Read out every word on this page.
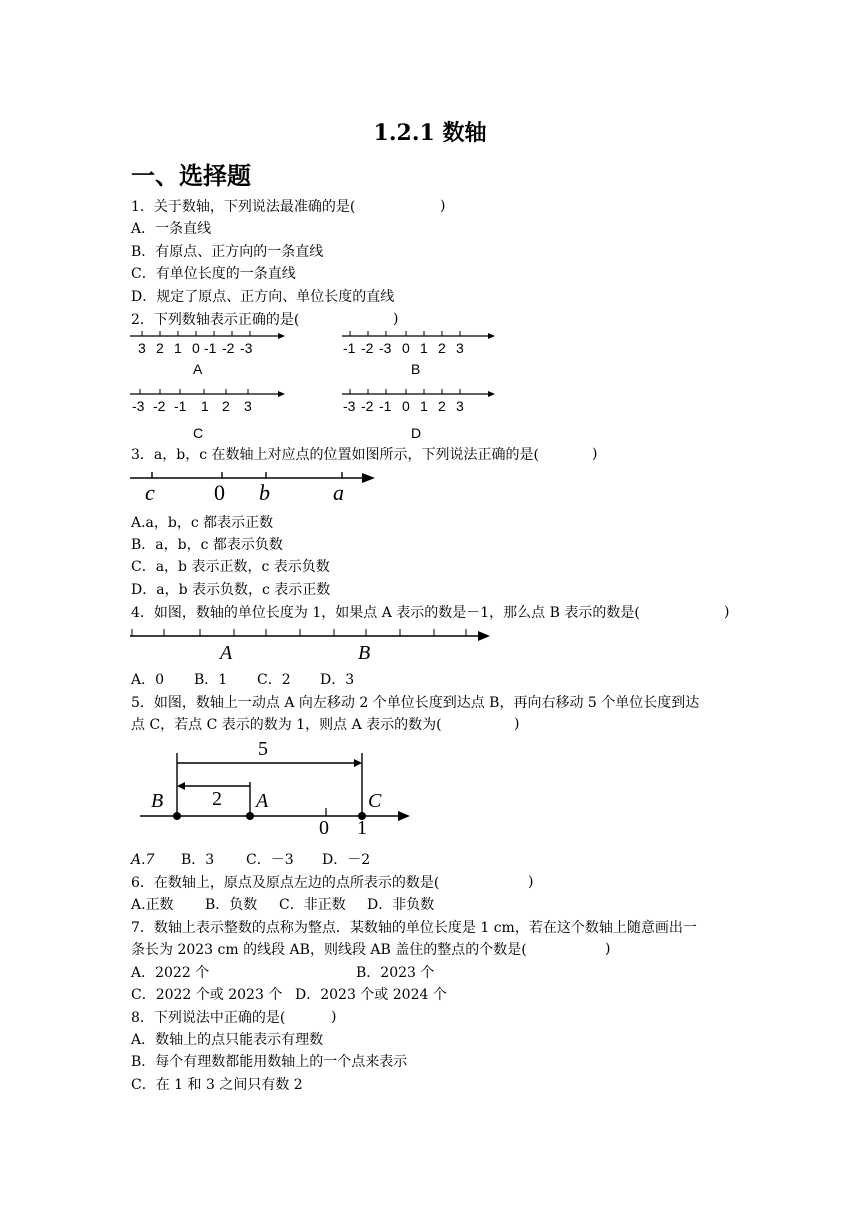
1.2.1 数轴
一、选择题
1．关于数轴，下列说法最准确的是(	)
A．一条直线
B．有原点、正方向的一条直线
C．有单位长度的一条直线
D．规定了原点、正方向、单位长度的直线
2．下列数轴表示正确的是(	)
3 2 1 0 -1 -2 -3
A
-1 -2 -3 0 1 2 3
B
-3 -2 -1 1 2 3
C
-3 -2 -1 0 1 2 3
D
3．a，b，c 在数轴上对应点的位置如图所示，下列说法正确的是(	)
c	0 b	a
A.a，b，c 都表示正数
B．a，b，c 都表示负数
C．a，b 表示正数，c 表示负数
D．a，b 表示负数，c 表示正数
4．如图，数轴的单位长度为 1，如果点 A 表示的数是－1，那么点 B 表示的数是(	)
A	B
A．0 B．1 C．2 D．3
5．如图，数轴上一动点 A 向左移动 2 个单位长度到达点 B，再向右移动 5 个单位长度到达
点 C，若点 C 表示的数为 1，则点 A 表示的数为(	)
5
2
B	A	C
0 1
A.7 B．3 C．－3 D．－2
6．在数轴上，原点及原点左边的点所表示的数是(	)
A.正数 B．负数 C．非正数 D．非负数
7．数轴上表示整数的点称为整点．某数轴的单位长度是 1 cm，若在这个数轴上随意画出一
条长为 2023 cm 的线段 AB，则线段 AB 盖住的整点的个数是(	)
A．2022 个	B．2023 个
C．2022 个或 2023 个 D．2023 个或 2024 个
8．下列说法中正确的是(	)
A．数轴上的点只能表示有理数
B．每个有理数都能用数轴上的一个点来表示
C．在 1 和 3 之间只有数 2
